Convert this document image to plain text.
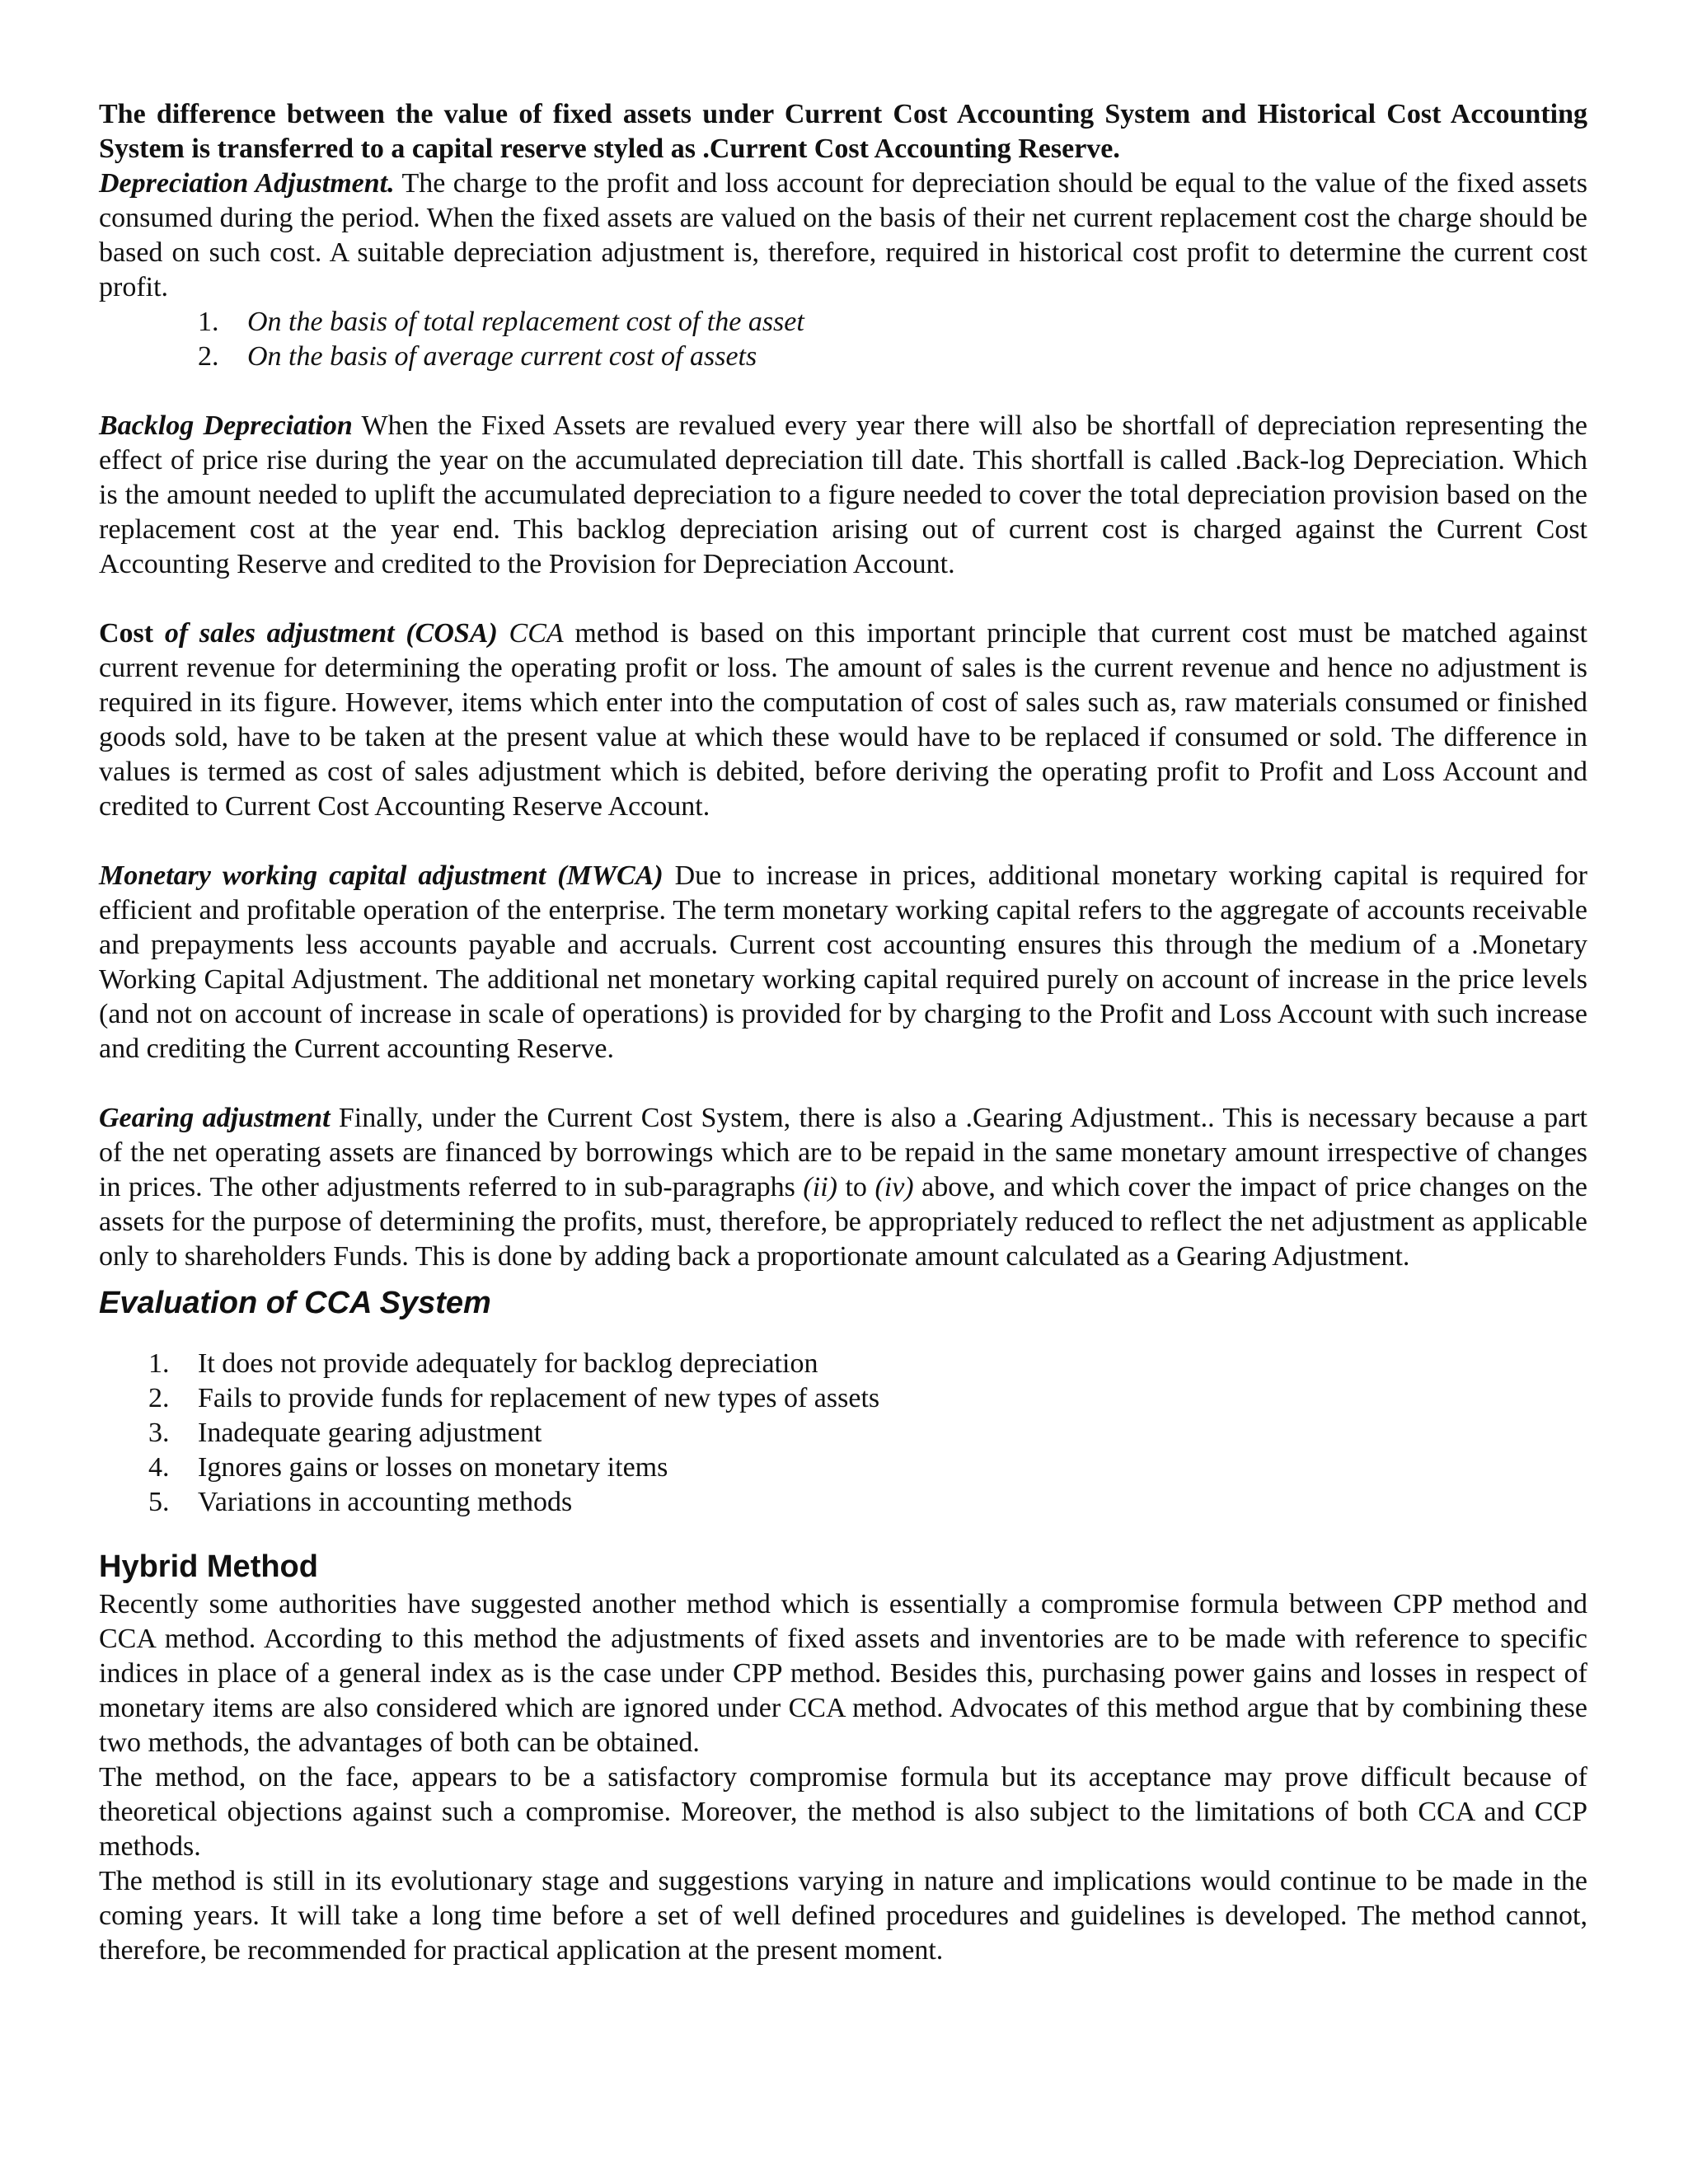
The difference between the value of fixed assets under Current Cost Accounting System and Historical Cost Accounting System is transferred to a capital reserve styled as .Current Cost Accounting Reserve.

Depreciation Adjustment. The charge to the profit and loss account for depreciation should be equal to the value of the fixed assets consumed during the period. When the fixed assets are valued on the basis of their net current replacement cost the charge should be based on such cost. A suitable depreciation adjustment is, therefore, required in historical cost profit to determine the current cost profit.

1.	On the basis of total replacement cost of the asset
2.	On the basis of average current cost of assets

Backlog Depreciation When the Fixed Assets are revalued every year there will also be shortfall of depreciation representing the effect of price rise during the year on the accumulated depreciation till date. This shortfall is called .Back-log Depreciation. Which is the amount needed to uplift the accumulated depreciation to a figure needed to cover the total depreciation provision based on the replacement cost at the year end. This backlog depreciation arising out of current cost is charged against the Current Cost Accounting Reserve and credited to the Provision for Depreciation Account.

Cost of sales adjustment (COSA) CCA method is based on this important principle that current cost must be matched against current revenue for determining the operating profit or loss. The amount of sales is the current revenue and hence no adjustment is required in its figure. However, items which enter into the computation of cost of sales such as, raw materials consumed or finished goods sold, have to be taken at the present value at which these would have to be replaced if consumed or sold. The difference in values is termed as cost of sales adjustment which is debited, before deriving the operating profit to Profit and Loss Account and credited to Current Cost Accounting Reserve Account.

Monetary working capital adjustment (MWCA) Due to increase in prices, additional monetary working capital is required for efficient and profitable operation of the enterprise. The term monetary working capital refers to the aggregate of accounts receivable and prepayments less accounts payable and accruals. Current cost accounting ensures this through the medium of a .Monetary Working Capital Adjustment. The additional net monetary working capital required purely on account of increase in the price levels (and not on account of increase in scale of operations) is provided for by charging to the Profit and Loss Account with such increase and crediting the Current accounting Reserve.

Gearing adjustment Finally, under the Current Cost System, there is also a .Gearing Adjustment.. This is necessary because a part of the net operating assets are financed by borrowings which are to be repaid in the same monetary amount irrespective of changes in prices. The other adjustments referred to in sub-paragraphs (ii) to (iv) above, and which cover the impact of price changes on the assets for the purpose of determining the profits, must, therefore, be appropriately reduced to reflect the net adjustment as applicable only to shareholders Funds. This is done by adding back a proportionate amount calculated as a Gearing Adjustment.

Evaluation of CCA System
1.	It does not provide adequately for backlog depreciation
2.	Fails to provide funds for replacement of new types of assets
3.	Inadequate gearing adjustment
4.	Ignores gains or losses on monetary items
5.	Variations in accounting methods
Hybrid Method

Recently some authorities have suggested another method which is essentially a compromise formula between CPP method and CCA method. According to this method the adjustments of fixed assets and inventories are to be made with reference to specific indices in place of a general index as is the case under CPP method. Besides this, purchasing power gains and losses in respect of monetary items are also considered which are ignored under CCA method. Advocates of this method argue that by combining these two methods, the advantages of both can be obtained.

The method, on the face, appears to be a satisfactory compromise formula but its acceptance may prove difficult because of theoretical objections against such a compromise. Moreover, the method is also subject to the limitations of both CCA and CCP methods.

The method is still in its evolutionary stage and suggestions varying in nature and implications would continue to be made in the coming years. It will take a long time before a set of well defined procedures and guidelines is developed. The method cannot, therefore, be recommended for practical application at the present moment.
